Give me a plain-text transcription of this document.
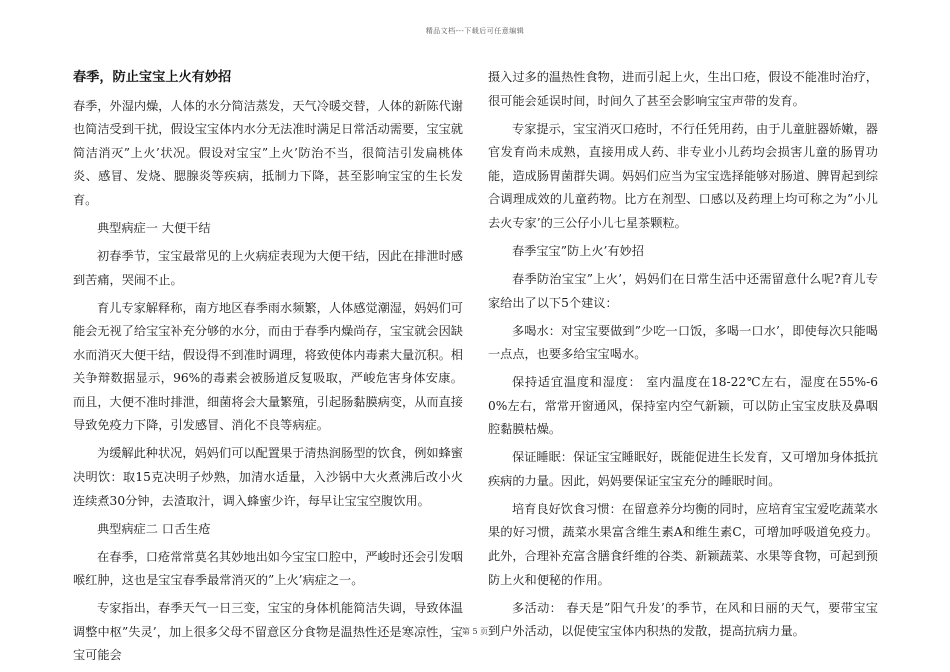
精品文档---下载后可任意编辑
春季，防止宝宝上火有妙招

春季，外湿内燥，人体的水分简洁蒸发，天气冷暖交替，人体的新陈代谢也简洁受到干扰，假设宝宝体内水分无法准时满足日常活动需要，宝宝就简洁消灭”上火’状况。假设对宝宝”上火’防治不当，很简洁引发扁桃体炎、感冒、发烧、腮腺炎等疾病，抵制力下降，甚至影响宝宝的生长发育。

典型病症一 大便干结

初春季节，宝宝最常见的上火病症表现为大便干结，因此在排泄时感到苦痛，哭闹不止。

育儿专家解释称，南方地区春季雨水频繁，人体感觉潮湿，妈妈们可能会无视了给宝宝补充分够的水分，而由于春季内燥尚存，宝宝就会因缺水而消灭大便干结，假设得不到准时调理，将致使体内毒素大量沉积。相关争辩数据显示，96%的毒素会被肠道反复吸取，严峻危害身体安康。而且，大便不准时排泄，细菌将会大量繁殖，引起肠黏膜病变，从而直接导致免疫力下降，引发感冒、消化不良等病症。

为缓解此种状况，妈妈们可以配置果于清热润肠型的饮食，例如蜂蜜决明饮：取15克决明子炒熟，加清水适量，入沙锅中大火煮沸后改小火连续煮30分钟，去渣取汁，调入蜂蜜少许，每早让宝宝空腹饮用。

典型病症二 口舌生疮

在春季，口疮常常莫名其妙地出如今宝宝口腔中，严峻时还会引发咽喉红肿，这也是宝宝春季最常消灭的”上火’病症之一。

专家指出，春季天气一日三变，宝宝的身体机能简洁失调，导致体温调整中枢”失灵’，加上很多父母不留意区分食物是温热性还是寒凉性，宝宝可能会

摄入过多的温热性食物，进而引起上火，生出口疮，假设不能准时治疗，很可能会延误时间，时间久了甚至会影响宝宝声带的发育。

专家提示，宝宝消灭口疮时，不行任凭用药，由于儿童脏器娇嫩，器官发育尚未成熟，直接用成人药、非专业小儿药均会损害儿童的肠胃功能，造成肠胃菌群失调。妈妈们应当为宝宝选择能够对肠道、脾胃起到综合调理成效的儿童药物。比方在剂型、口感以及药理上均可称之为”小儿去火专家’的三公仔小儿七星茶颗粒。

春季宝宝”防上火’有妙招

春季防治宝宝”上火’，妈妈们在日常生活中还需留意什么呢?育儿专家给出了以下5个建议：

多喝水：对宝宝要做到”少吃一口饭，多喝一口水’，即使每次只能喝一点点，也要多给宝宝喝水。

保持适宜温度和湿度： 室内温度在18-22℃左右，湿度在55%-60%左右，常常开窗通风，保持室内空气新颖，可以防止宝宝皮肤及鼻咽腔黏膜枯燥。

保证睡眠：保证宝宝睡眠好，既能促进生长发育，又可增加身体抵抗疾病的力量。因此，妈妈要保证宝宝充分的睡眠时间。

培育良好饮食习惯：在留意养分均衡的同时，应培育宝宝爱吃蔬菜水果的好习惯，蔬菜水果富含维生素A和维生素C，可增加呼吸道免疫力。此外，合理补充富含膳食纤维的谷类、新颖蔬菜、水果等食物，可起到预防上火和便秘的作用。

多活动： 春天是”阳气升发’的季节，在风和日丽的天气，要带宝宝到户外活动，以促使宝宝体内积热的发散，提高抗病力量。

第 5 页
